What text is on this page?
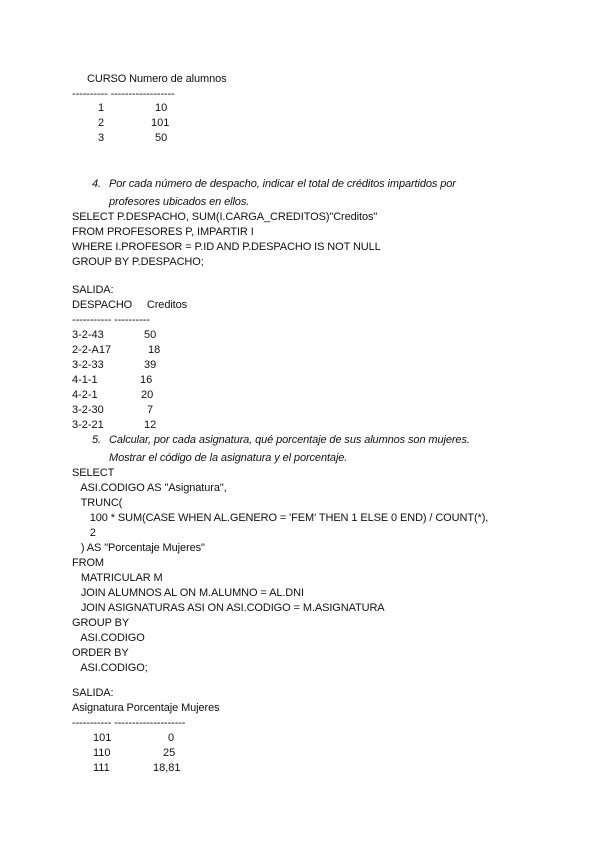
CURSO Numero de alumnos
---------- ------------------
1	10
2	101
3	50
4. Por cada número de despacho, indicar el total de créditos impartidos por
profesores ubicados en ellos.
SELECT P.DESPACHO, SUM(I.CARGA_CREDITOS)"Creditos"
FROM PROFESORES P, IMPARTIR I
WHERE I.PROFESOR = P.ID AND P.DESPACHO IS NOT NULL
GROUP BY P.DESPACHO;
SALIDA:
DESPACHO     Creditos
----------- ----------
3-2-43	50
2-2-A17	18
3-2-33	39
4-1-1	16
4-2-1	20
3-2-30	7
3-2-21	12
5. Calcular, por cada asignatura, qué porcentaje de sus alumnos son mujeres.
Mostrar el código de la asignatura y el porcentaje.
SELECT
ASI.CODIGO AS "Asignatura",
TRUNC(
100 * SUM(CASE WHEN AL.GENERO = 'FEM' THEN 1 ELSE 0 END) / COUNT(*),
2
) AS "Porcentaje Mujeres"
FROM
MATRICULAR M
JOIN ALUMNOS AL ON M.ALUMNO = AL.DNI
JOIN ASIGNATURAS ASI ON ASI.CODIGO = M.ASIGNATURA
GROUP BY
ASI.CODIGO
ORDER BY
ASI.CODIGO;
SALIDA:
Asignatura Porcentaje Mujeres
----------- --------------------
101	0
110	25
111	18,81
